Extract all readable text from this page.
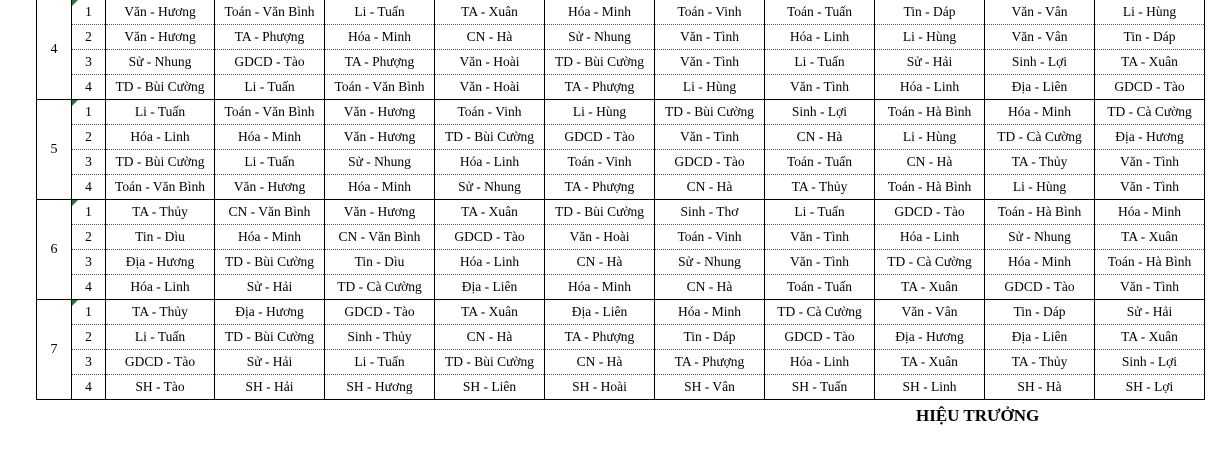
4	1	Văn - Hương	Toán - Văn Bình	Li - Tuấn	TA - Xuân	Hóa - Minh	Toán - Vinh	Toán - Tuấn	Tin - Dáp	Văn - Vân	Li - Hùng
	2	Văn - Hương	TA - Phượng	Hóa - Minh	CN - Hà	Sử - Nhung	Văn - Tình	Hóa - Linh	Li - Hùng	Văn - Vân	Tin - Dáp
	3	Sử - Nhung	GDCD - Tào	TA - Phượng	Văn - Hoài	TD - Bùi Cường	Văn - Tình	Li - Tuấn	Sử - Hải	Sinh - Lợi	TA - Xuân
	4	TD - Bùi Cường	Li - Tuấn	Toán - Văn Bình	Văn - Hoài	TA - Phượng	Li - Hùng	Văn - Tình	Hóa - Linh	Địa - Liên	GDCD - Tào
5	1	Li - Tuấn	Toán - Văn Bình	Văn - Hương	Toán - Vinh	Li - Hùng	TD - Bùi Cường	Sinh - Lợi	Toán - Hà Bình	Hóa - Minh	TD - Cà Cường
	2	Hóa - Linh	Hóa - Minh	Văn - Hương	TD - Bùi Cường	GDCD - Tào	Văn - Tình	CN - Hà	Li - Hùng	TD - Cà Cường	Địa - Hương
	3	TD - Bùi Cường	Li - Tuấn	Sử - Nhung	Hóa - Linh	Toán - Vinh	GDCD - Tào	Toán - Tuấn	CN - Hà	TA - Thủy	Văn - Tình
	4	Toán - Văn Bình	Văn - Hương	Hóa - Minh	Sử - Nhung	TA - Phượng	CN - Hà	TA - Thủy	Toán - Hà Bình	Li - Hùng	Văn - Tình
6	1	TA - Thủy	CN - Văn Bình	Văn - Hương	TA - Xuân	TD - Bùi Cường	Sinh - Thơ	Li - Tuấn	GDCD - Tào	Toán - Hà Bình	Hóa - Minh
	2	Tin - Dìu	Hóa - Minh	CN - Văn Bình	GDCD - Tào	Văn - Hoài	Toán - Vinh	Văn - Tình	Hóa - Linh	Sử - Nhung	TA - Xuân
	3	Địa - Hương	TD - Bùi Cường	Tin - Dìu	Hóa - Linh	CN - Hà	Sử - Nhung	Văn - Tình	TD - Cà Cường	Hóa - Minh	Toán - Hà Bình
	4	Hóa - Linh	Sử - Hải	TD - Cà Cường	Địa - Liên	Hóa - Minh	CN - Hà	Toán - Tuấn	TA - Xuân	GDCD - Tào	Văn - Tình
7	1	TA - Thủy	Địa - Hương	GDCD - Tào	TA - Xuân	Địa - Liên	Hóa - Minh	TD - Cà Cường	Văn - Vân	Tin - Dáp	Sử - Hải
	2	Li - Tuấn	TD - Bùi Cường	Sinh - Thủy	CN - Hà	TA - Phượng	Tin - Dáp	GDCD - Tào	Địa - Hương	Địa - Liên	TA - Xuân
	3	GDCD - Tào	Sử - Hải	Li - Tuấn	TD - Bùi Cường	CN - Hà	TA - Phượng	Hóa - Linh	TA - Xuân	TA - Thủy	Sinh - Lợi
	4	SH - Tào	SH - Hải	SH - Hương	SH - Liên	SH - Hoài	SH - Vân	SH - Tuấn	SH - Linh	SH - Hà	SH - Lợi
HIỆU TRƯỞNG
